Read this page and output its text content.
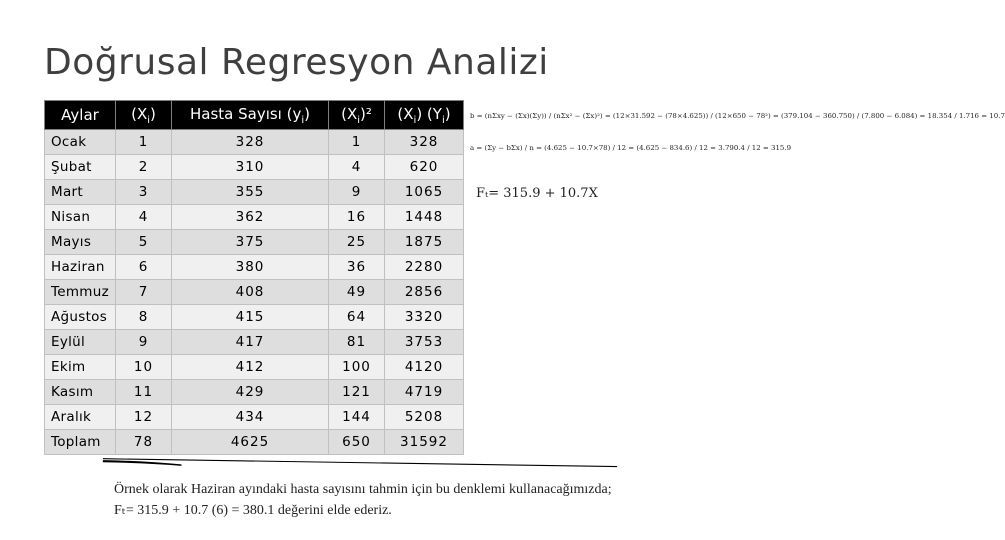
Doğrusal Regresyon Analizi
Aylar	$(X_i)$	Hasta Sayısı $(y_i)$	$(X_i)^2$	$(X_i)$ $(Y_i)$
Ocak	1	328	1	328
Şubat	2	310	4	620
Mart	3	355	9	1065
Nisan	4	362	16	1448
Mayıs	5	375	25	1875
Haziran	6	380	36	2280
Temmuz	7	408	49	2856
Ağustos	8	415	64	3320
Eylül	9	417	81	3753
Ekim	10	412	100	4120
Kasım	11	429	121	4719
Aralık	12	434	144	5208
Toplam	78	4625	650	31592
b = (nΣxy − (Σx)(Σy)) / (nΣx² − (Σx)²) = (12×31.592 − (78×4.625)) / (12×650 − 78²) = (379.104 − 360.750) / (7.800 − 6.084) = 18.354 / 1.716 = 10.7
a = (Σy − bΣx) / n = (4.625 − 10.7×78) / 12 = (4.625 − 834.6) / 12 = 3.790.4 / 12 = 315.9
Fₜ= 315.9 + 10.7X
Örnek olarak Haziran ayındaki hasta sayısını tahmin için bu denklemi kullanacağımızda;
Fₜ= 315.9 + 10.7 (6) = 380.1 değerini elde ederiz.
